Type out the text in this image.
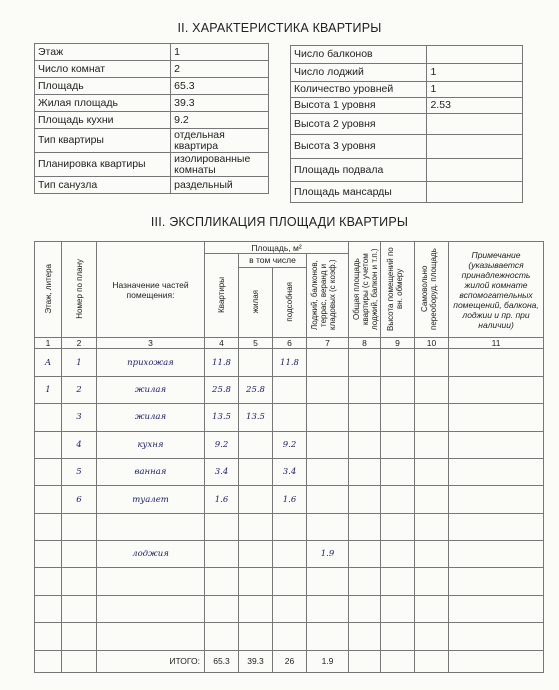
II. ХАРАКТЕРИСТИКА КВАРТИРЫ
Этаж	1
Число комнат	2
Площадь	65.3
Жилая площадь	39.3
Площадь кухни	9.2
Тип квартиры	отдельная квартира
Планировка квартиры	изолированные комнаты
Тип санузла	раздельный
Число балконов	
Число лоджий	1
Количество уровней	1
Высота 1 уровня	2.53
Высота 2 уровня	
Высота 3 уровня	
Площадь подвала	
Площадь мансарды	
III. ЭКСПЛИКАЦИЯ ПЛОЩАДИ КВАРТИРЫ
Этаж, литера	Номер по плану	Назначение частей помещения:	Площадь, м²				Общая площадь квартиры (с учетом лоджий, балкон и т.п.)	Высота помещений по вн. обмеру	Самовольно переоборуд. площадь	Примечание (указывается принадлежность жилой комнате вспомогательных помещений, балкона, лоджии и пр. при наличии)
			Квартиры	в том числе		Лоджий, балконов, террас, веранд и кладовых (с коэф.)				
				жилая	подсобная					
1	2	3	4	5	6	7	8	9	10	11
А	1	прихожая	11.8		11.8					
1	2	жилая	25.8	25.8						
	3	жилая	13.5	13.5						
	4	кухня	9.2		9.2					
	5	ванная	3.4		3.4					
	6	туалет	1.6		1.6					

		лоджия				1.9				

		ИТОГО:	65.3	39.3	26	1.9				
